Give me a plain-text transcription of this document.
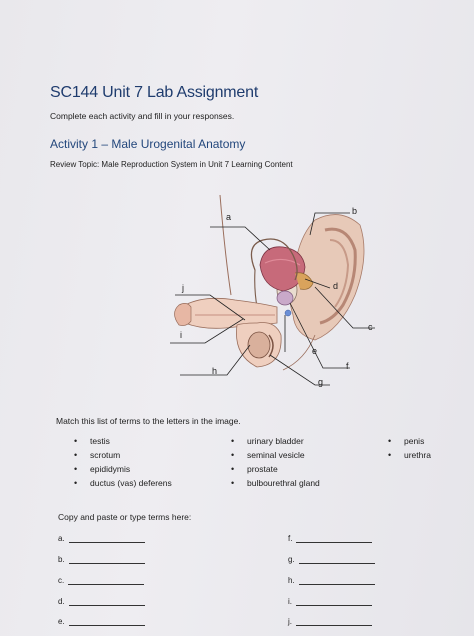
SC144 Unit 7 Lab Assignment
Complete each activity and fill in your responses.
Activity 1 – Male Urogenital Anatomy
Review Topic: Male Reproduction System in Unit 7 Learning Content
a
b
c
d
e
f
g
h
i
j
Match this list of terms to the letters in the image.
• testis
• scrotum
• epididymis
• ductus (vas) deferens
• urinary bladder
• seminal vesicle
• prostate
• bulbourethral gland
• penis
• urethra
Copy and paste or type terms here:
a.
b.
c.
d.
e.
f.
g.
h.
i.
j.
